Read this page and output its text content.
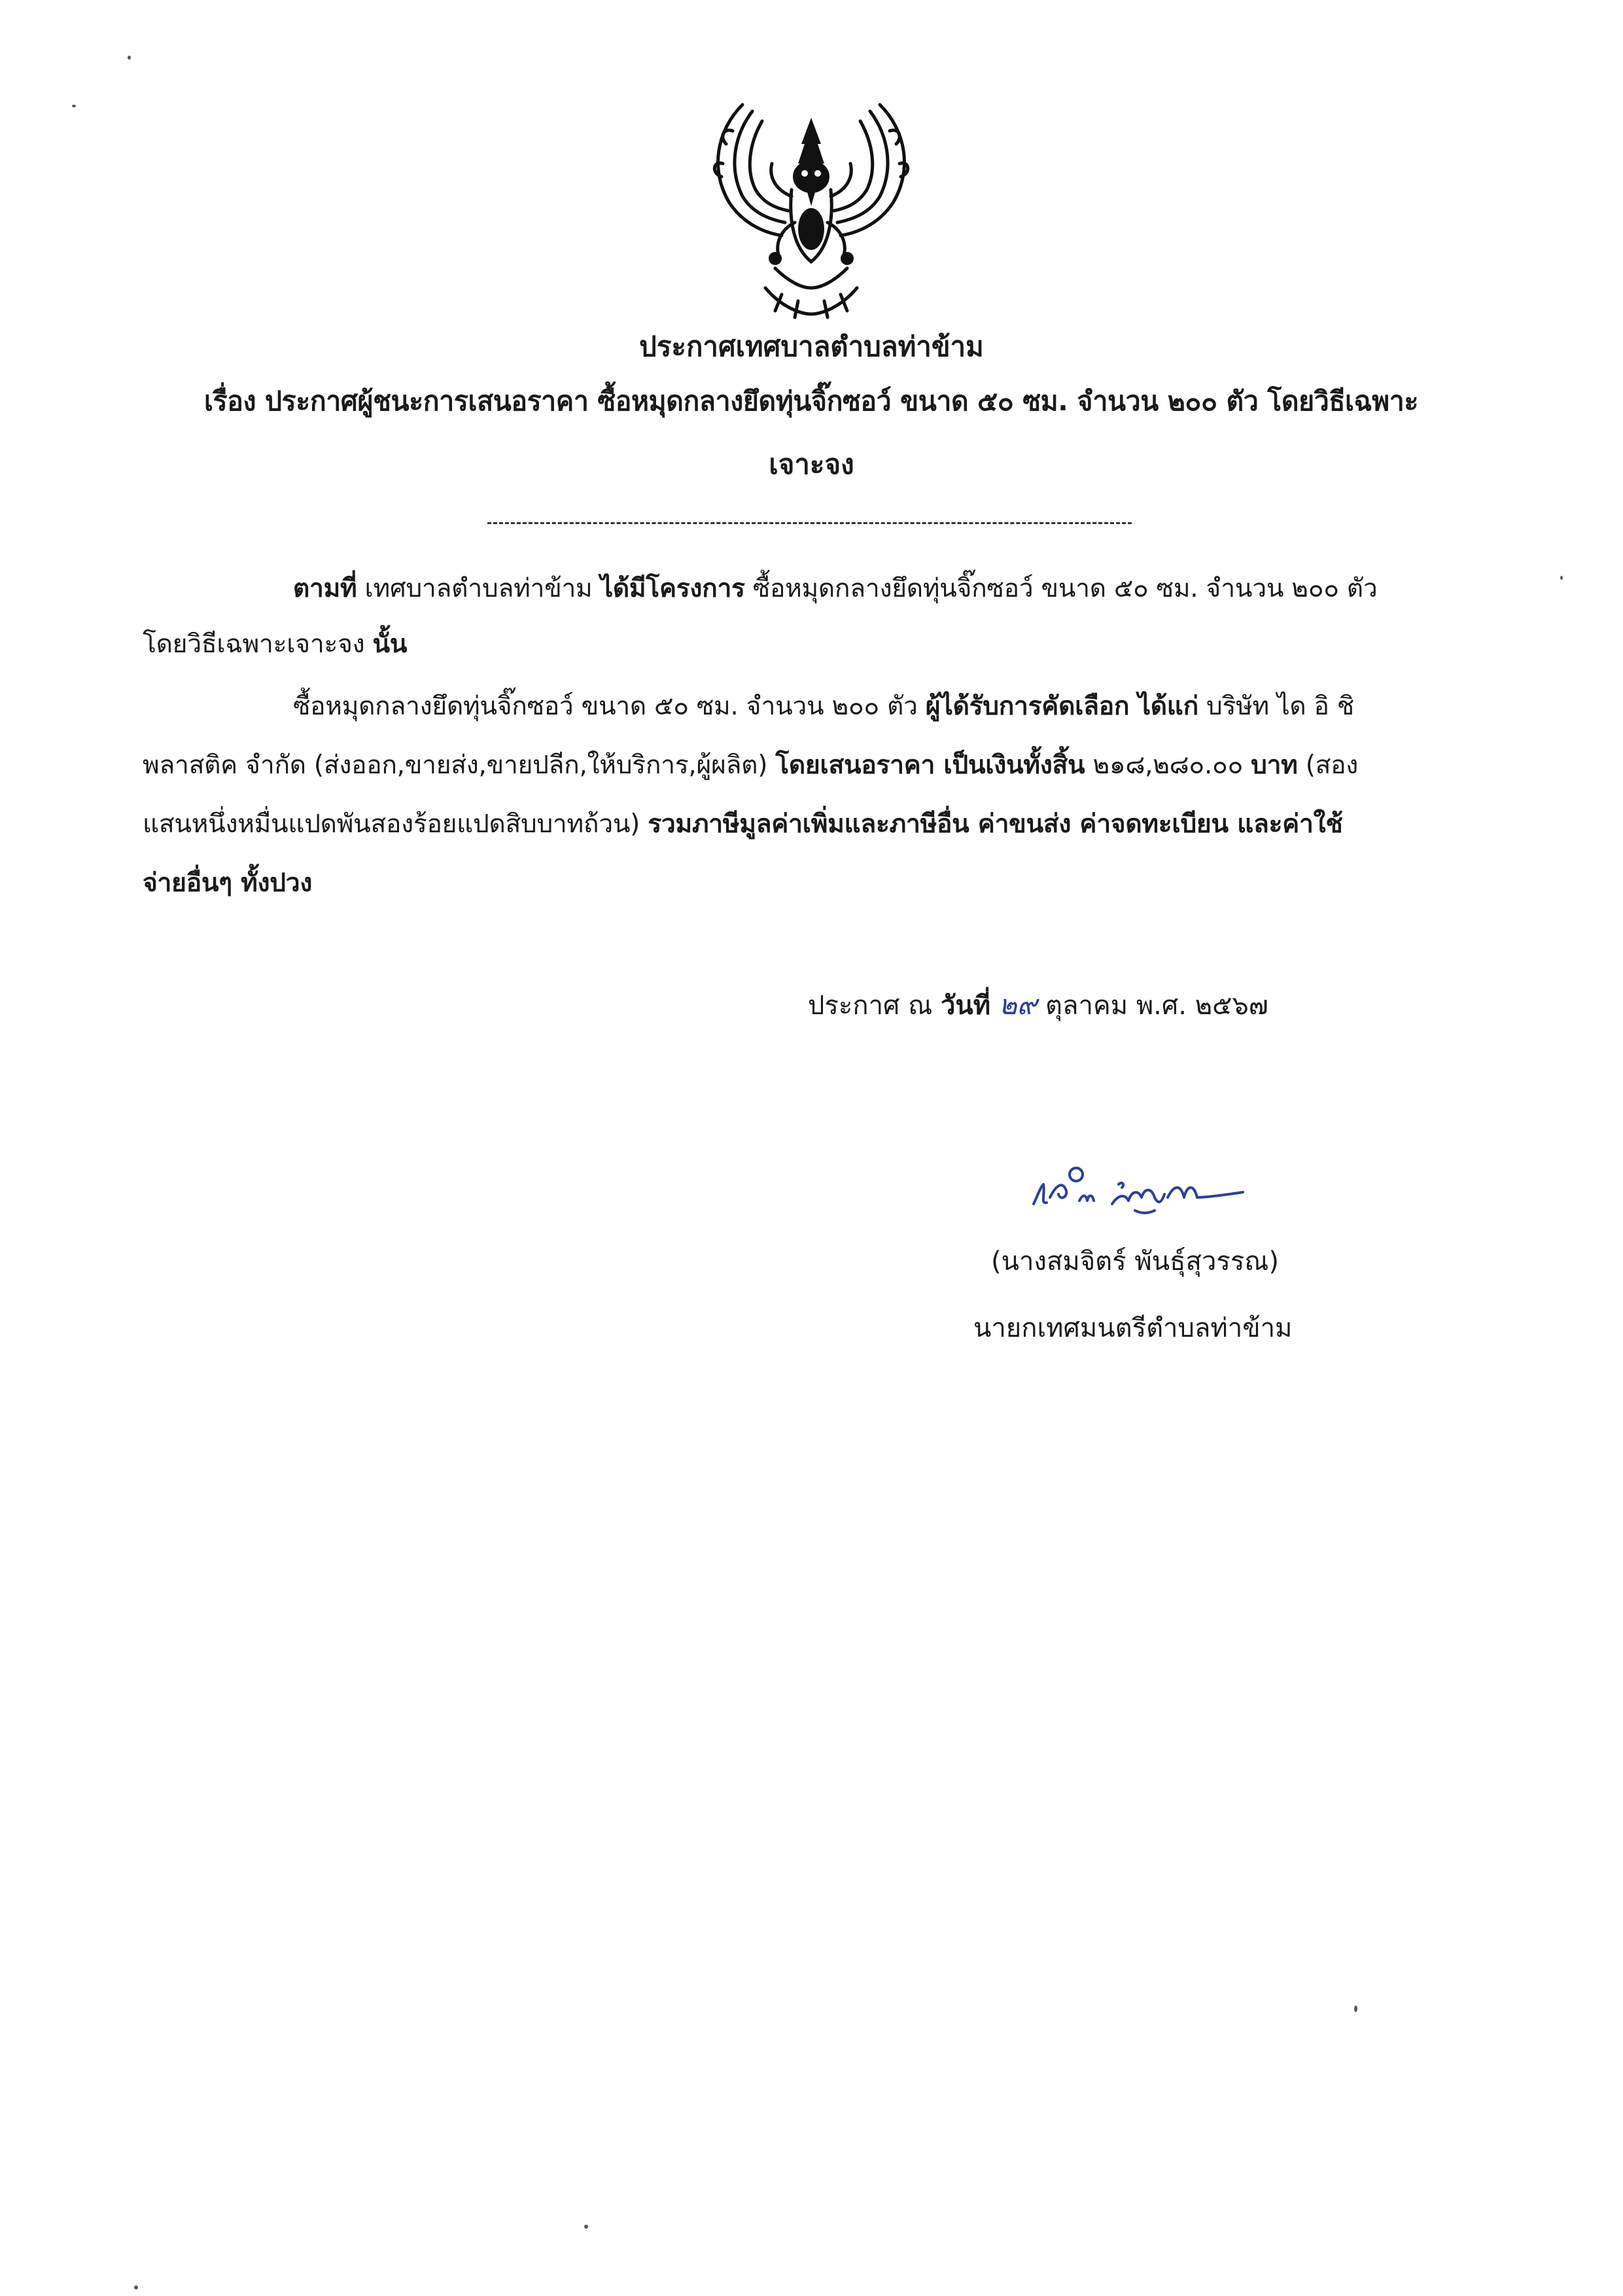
ประกาศเทศบาลตำบลท่าข้าม
เรื่อง ประกาศผู้ชนะการเสนอราคา ซื้อหมุดกลางยึดทุ่นจิ๊กซอว์ ขนาด ๕๐ ซม. จำนวน ๒๐๐ ตัว โดยวิธีเฉพาะ
เจาะจง
ตามที่ เทศบาลตำบลท่าข้าม ได้มีโครงการ ซื้อหมุดกลางยึดทุ่นจิ๊กซอว์ ขนาด ๕๐ ซม. จำนวน ๒๐๐ ตัว
โดยวิธีเฉพาะเจาะจง นั้น
ซื้อหมุดกลางยึดทุ่นจิ๊กซอว์ ขนาด ๕๐ ซม. จำนวน ๒๐๐ ตัว ผู้ได้รับการคัดเลือก ได้แก่ บริษัท ได อิ ชิ
พลาสติค จำกัด (ส่งออก,ขายส่ง,ขายปลีก,ให้บริการ,ผู้ผลิต) โดยเสนอราคา เป็นเงินทั้งสิ้น ๒๑๘,๒๘๐.๐๐ บาท (สอง
แสนหนึ่งหมื่นแปดพันสองร้อยแปดสิบบาทถ้วน) รวมภาษีมูลค่าเพิ่มและภาษีอื่น ค่าขนส่ง ค่าจดทะเบียน และค่าใช้
จ่ายอื่นๆ ทั้งปวง
ประกาศ ณ วันที่ ๒๙ ตุลาคม พ.ศ. ๒๕๖๗
(นางสมจิตร์ พันธุ์สุวรรณ)
นายกเทศมนตรีตำบลท่าข้าม
